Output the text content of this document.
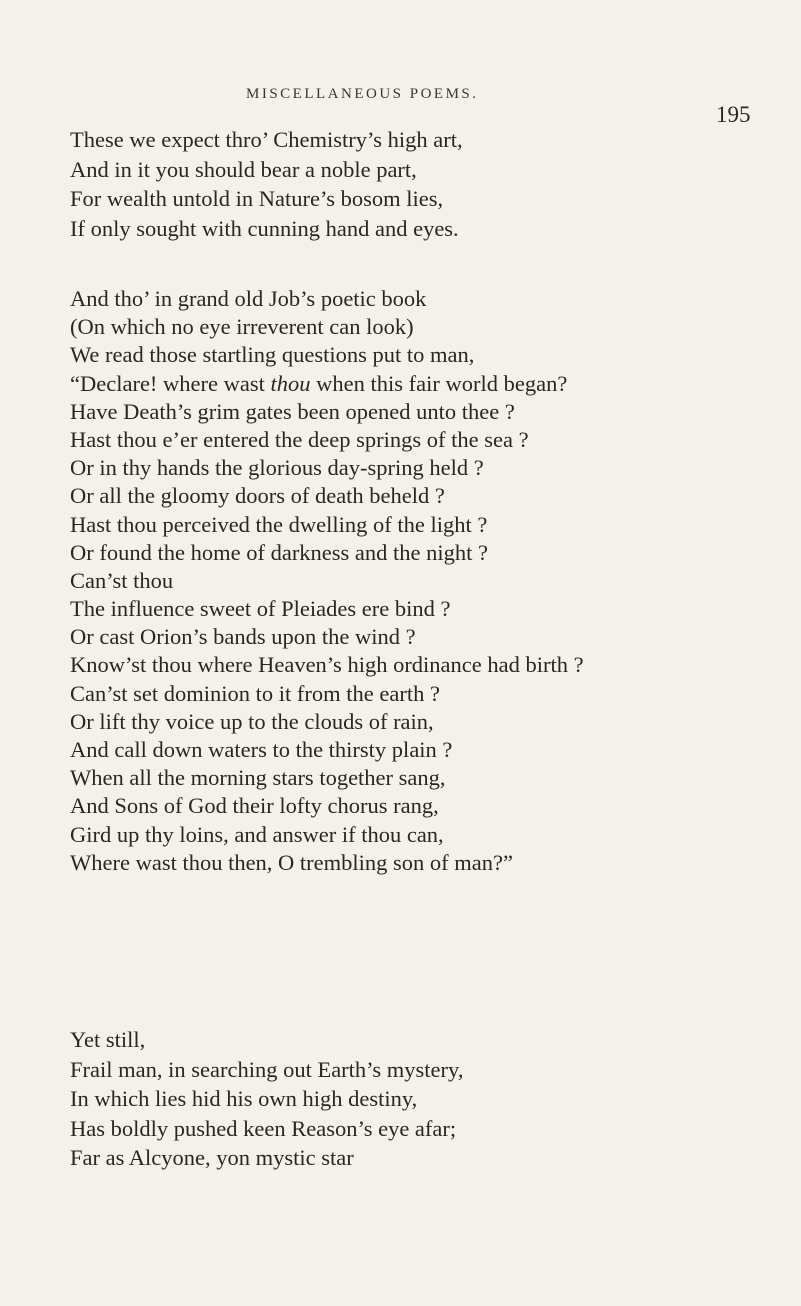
MISCELLANEOUS POEMS.
195
These we expect thro’ Chemistry’s high art,
And in it you should bear a noble part,
For wealth untold in Nature’s bosom lies,
If only sought with cunning hand and eyes.
And tho’ in grand old Job’s poetic book
(On which no eye irreverent can look)
We read those startling questions put to man,
“Declare! where wast thou when this fair world began?
Have Death’s grim gates been opened unto thee ?
Hast thou e’er entered the deep springs of the sea ?
Or in thy hands the glorious day-spring held ?
Or all the gloomy doors of death beheld ?
Hast thou perceived the dwelling of the light ?
Or found the home of darkness and the night ?
Can’st thou
The influence sweet of Pleiades ere bind ?
Or cast Orion’s bands upon the wind ?
Know’st thou where Heaven’s high ordinance had birth ?
Can’st set dominion to it from the earth ?
Or lift thy voice up to the clouds of rain,
And call down waters to the thirsty plain ?
When all the morning stars together sang,
And Sons of God their lofty chorus rang,
Gird up thy loins, and answer if thou can,
Where wast thou then, O trembling son of man?”
Yet still,
Frail man, in searching out Earth’s mystery,
In which lies hid his own high destiny,
Has boldly pushed keen Reason’s eye afar;
Far as Alcyone, yon mystic star
